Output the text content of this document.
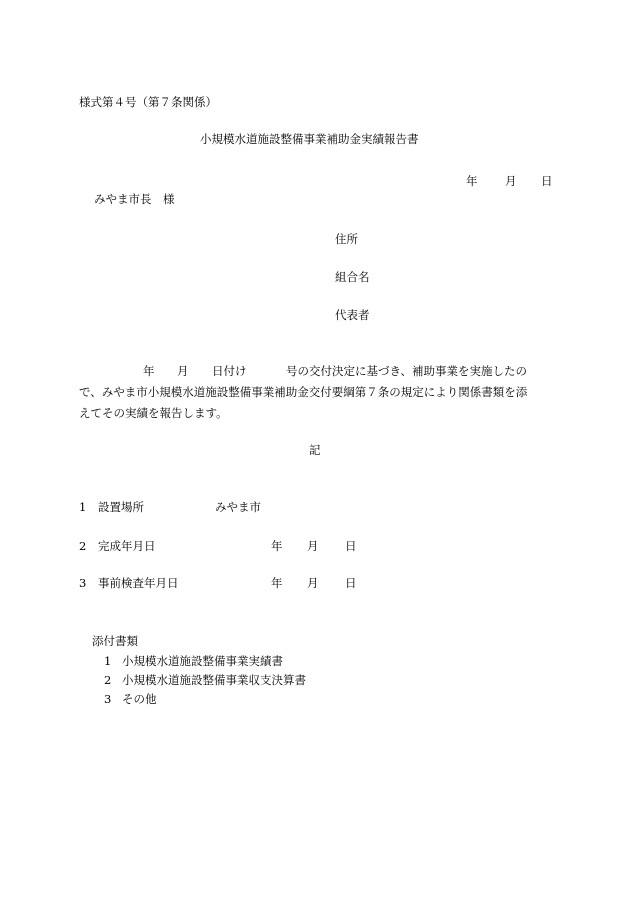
様式第４号（第７条関係）
小規模水道施設整備事業補助金実績報告書
年 月 日
みやま市長　様
住所
組合名
代表者
年 月 日付け	号の交付決定に基づき、補助事業を実施したの
で、みやま市小規模水道施設整備事業補助金交付要綱第７条の規定により関係書類を添
えてその実績を報告します。
記
1 設置場所	みやま市
2 完成年月日	年 月 日
3 事前検査年月日	年 月 日
添付書類
1 小規模水道施設整備事業実績書
2 小規模水道施設整備事業収支決算書
3 その他
